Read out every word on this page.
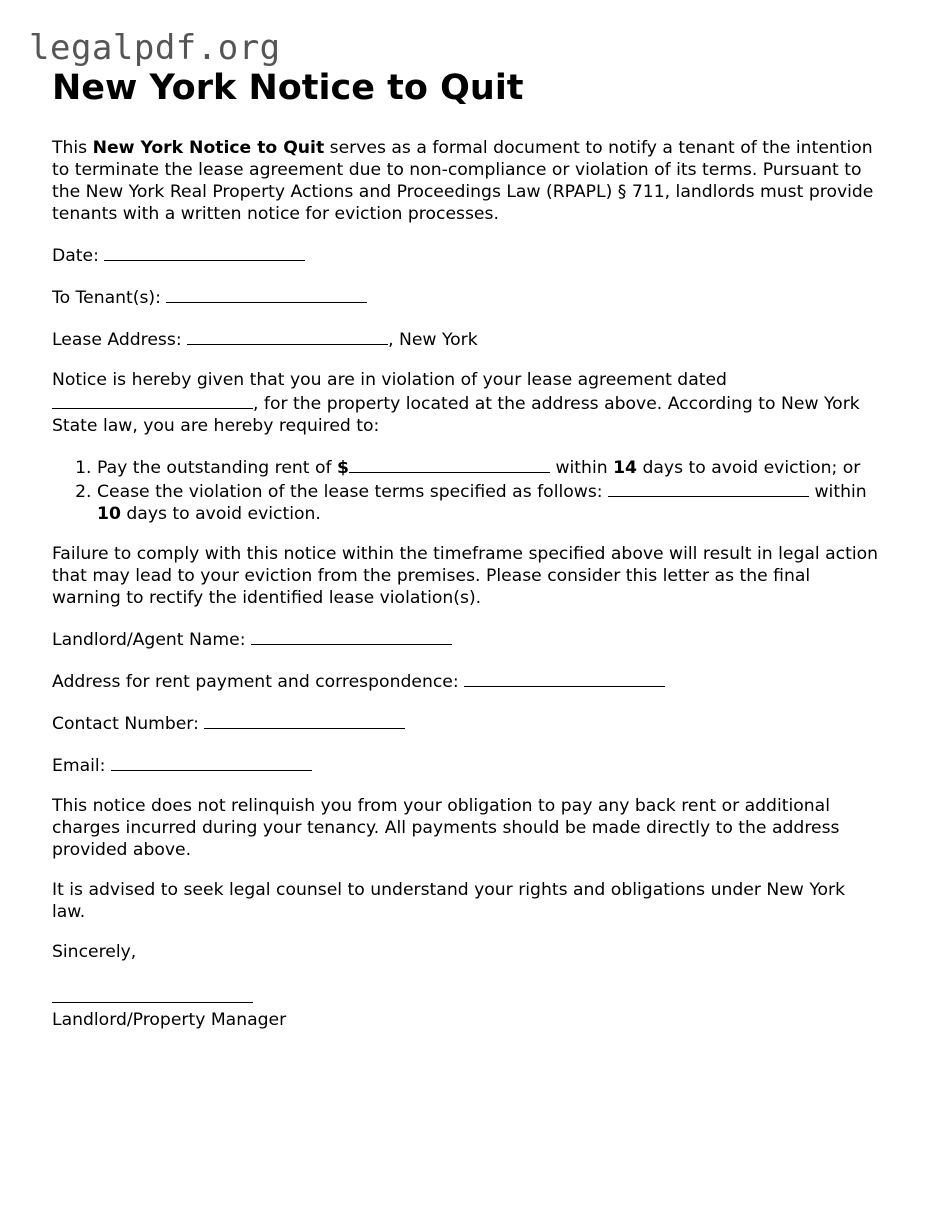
legalpdf.org
New York Notice to Quit

This New York Notice to Quit serves as a formal document to notify a tenant of the intention to terminate the lease agreement due to non-compliance or violation of its terms. Pursuant to the New York Real Property Actions and Proceedings Law (RPAPL) § 711, landlords must provide tenants with a written notice for eviction processes.

Date:

To Tenant(s):

Lease Address:	, New York

Notice is hereby given that you are in violation of your lease agreement dated , for the property located at the address above. According to New York State law, you are hereby required to:

1. Pay the outstanding rent of $	within 14 days to avoid eviction; or
2. Cease the violation of the lease terms specified as follows:	within 10 days to avoid eviction.

Failure to comply with this notice within the timeframe specified above will result in legal action that may lead to your eviction from the premises. Please consider this letter as the final warning to rectify the identified lease violation(s).

Landlord/Agent Name:

Address for rent payment and correspondence:

Contact Number:

Email:

This notice does not relinquish you from your obligation to pay any back rent or additional charges incurred during your tenancy. All payments should be made directly to the address provided above.

It is advised to seek legal counsel to understand your rights and obligations under New York law.

Sincerely,

Landlord/Property Manager
